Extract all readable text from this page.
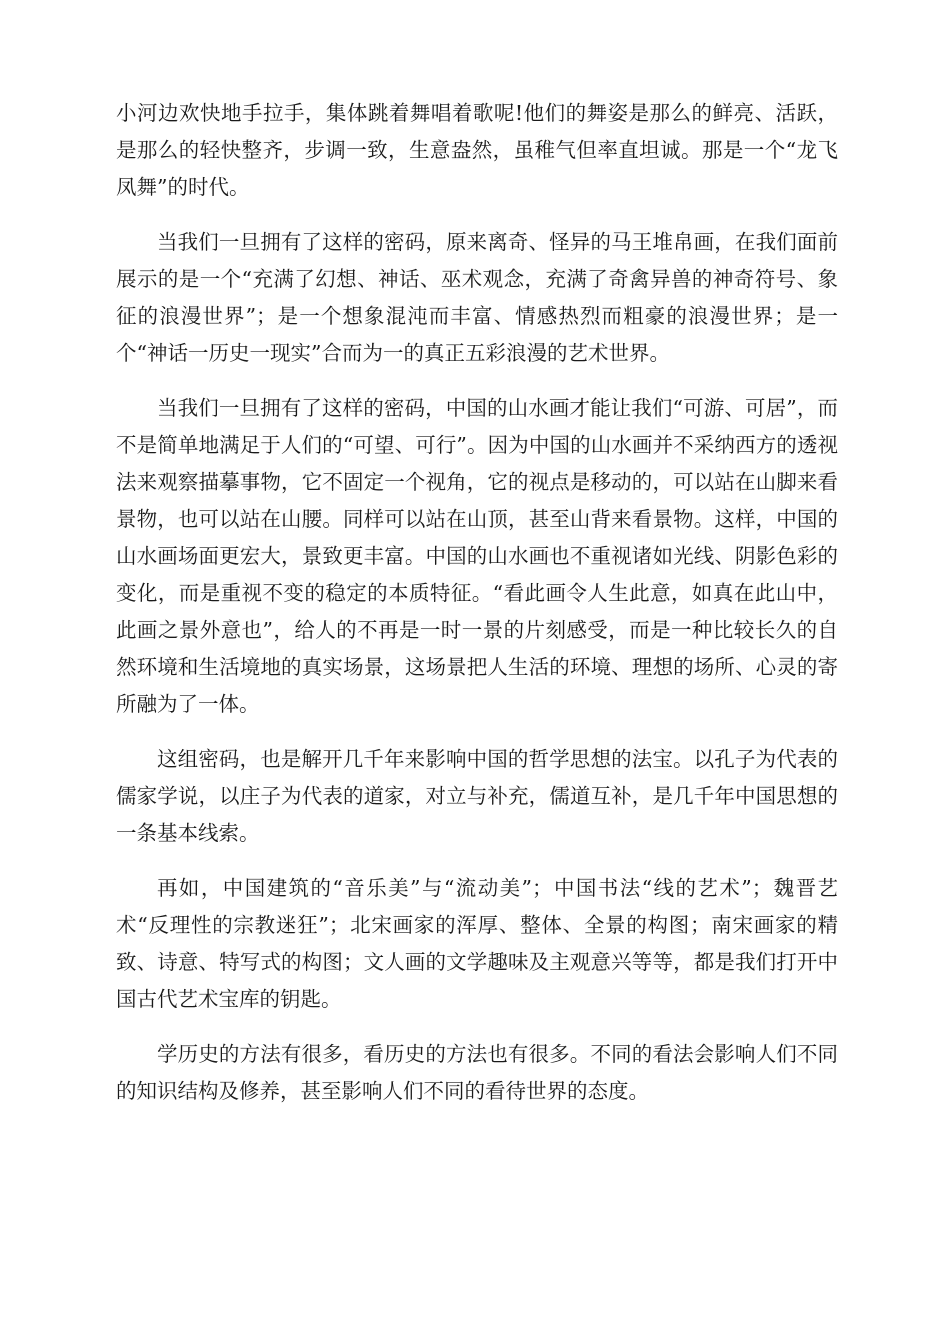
小河边欢快地手拉手，集体跳着舞唱着歌呢!他们的舞姿是那么的鲜亮、活跃，是那么的轻快整齐，步调一致，生意盎然，虽稚气但率直坦诚。那是一个“龙飞凤舞”的时代。

当我们一旦拥有了这样的密码，原来离奇、怪异的马王堆帛画，在我们面前展示的是一个“充满了幻想、神话、巫术观念，充满了奇禽异兽的神奇符号、象征的浪漫世界”；是一个想象混沌而丰富、情感热烈而粗豪的浪漫世界；是一个“神话一历史一现实”合而为一的真正五彩浪漫的艺术世界。

当我们一旦拥有了这样的密码，中国的山水画才能让我们“可游、可居”，而不是简单地满足于人们的“可望、可行”。因为中国的山水画并不采纳西方的透视法来观察描摹事物，它不固定一个视角，它的视点是移动的，可以站在山脚来看景物，也可以站在山腰。同样可以站在山顶，甚至山背来看景物。这样，中国的山水画场面更宏大，景致更丰富。中国的山水画也不重视诸如光线、阴影色彩的变化，而是重视不变的稳定的本质特征。“看此画令人生此意，如真在此山中，此画之景外意也”，给人的不再是一时一景的片刻感受，而是一种比较长久的自然环境和生活境地的真实场景，这场景把人生活的环境、理想的场所、心灵的寄所融为了一体。

这组密码，也是解开几千年来影响中国的哲学思想的法宝。以孔子为代表的儒家学说，以庄子为代表的道家，对立与补充，儒道互补，是几千年中国思想的一条基本线索。

再如，中国建筑的“音乐美”与“流动美”；中国书法“线的艺术”；魏晋艺术“反理性的宗教迷狂”；北宋画家的浑厚、整体、全景的构图；南宋画家的精致、诗意、特写式的构图；文人画的文学趣味及主观意兴等等，都是我们打开中国古代艺术宝库的钥匙。

学历史的方法有很多，看历史的方法也有很多。不同的看法会影响人们不同的知识结构及修养，甚至影响人们不同的看待世界的态度。
